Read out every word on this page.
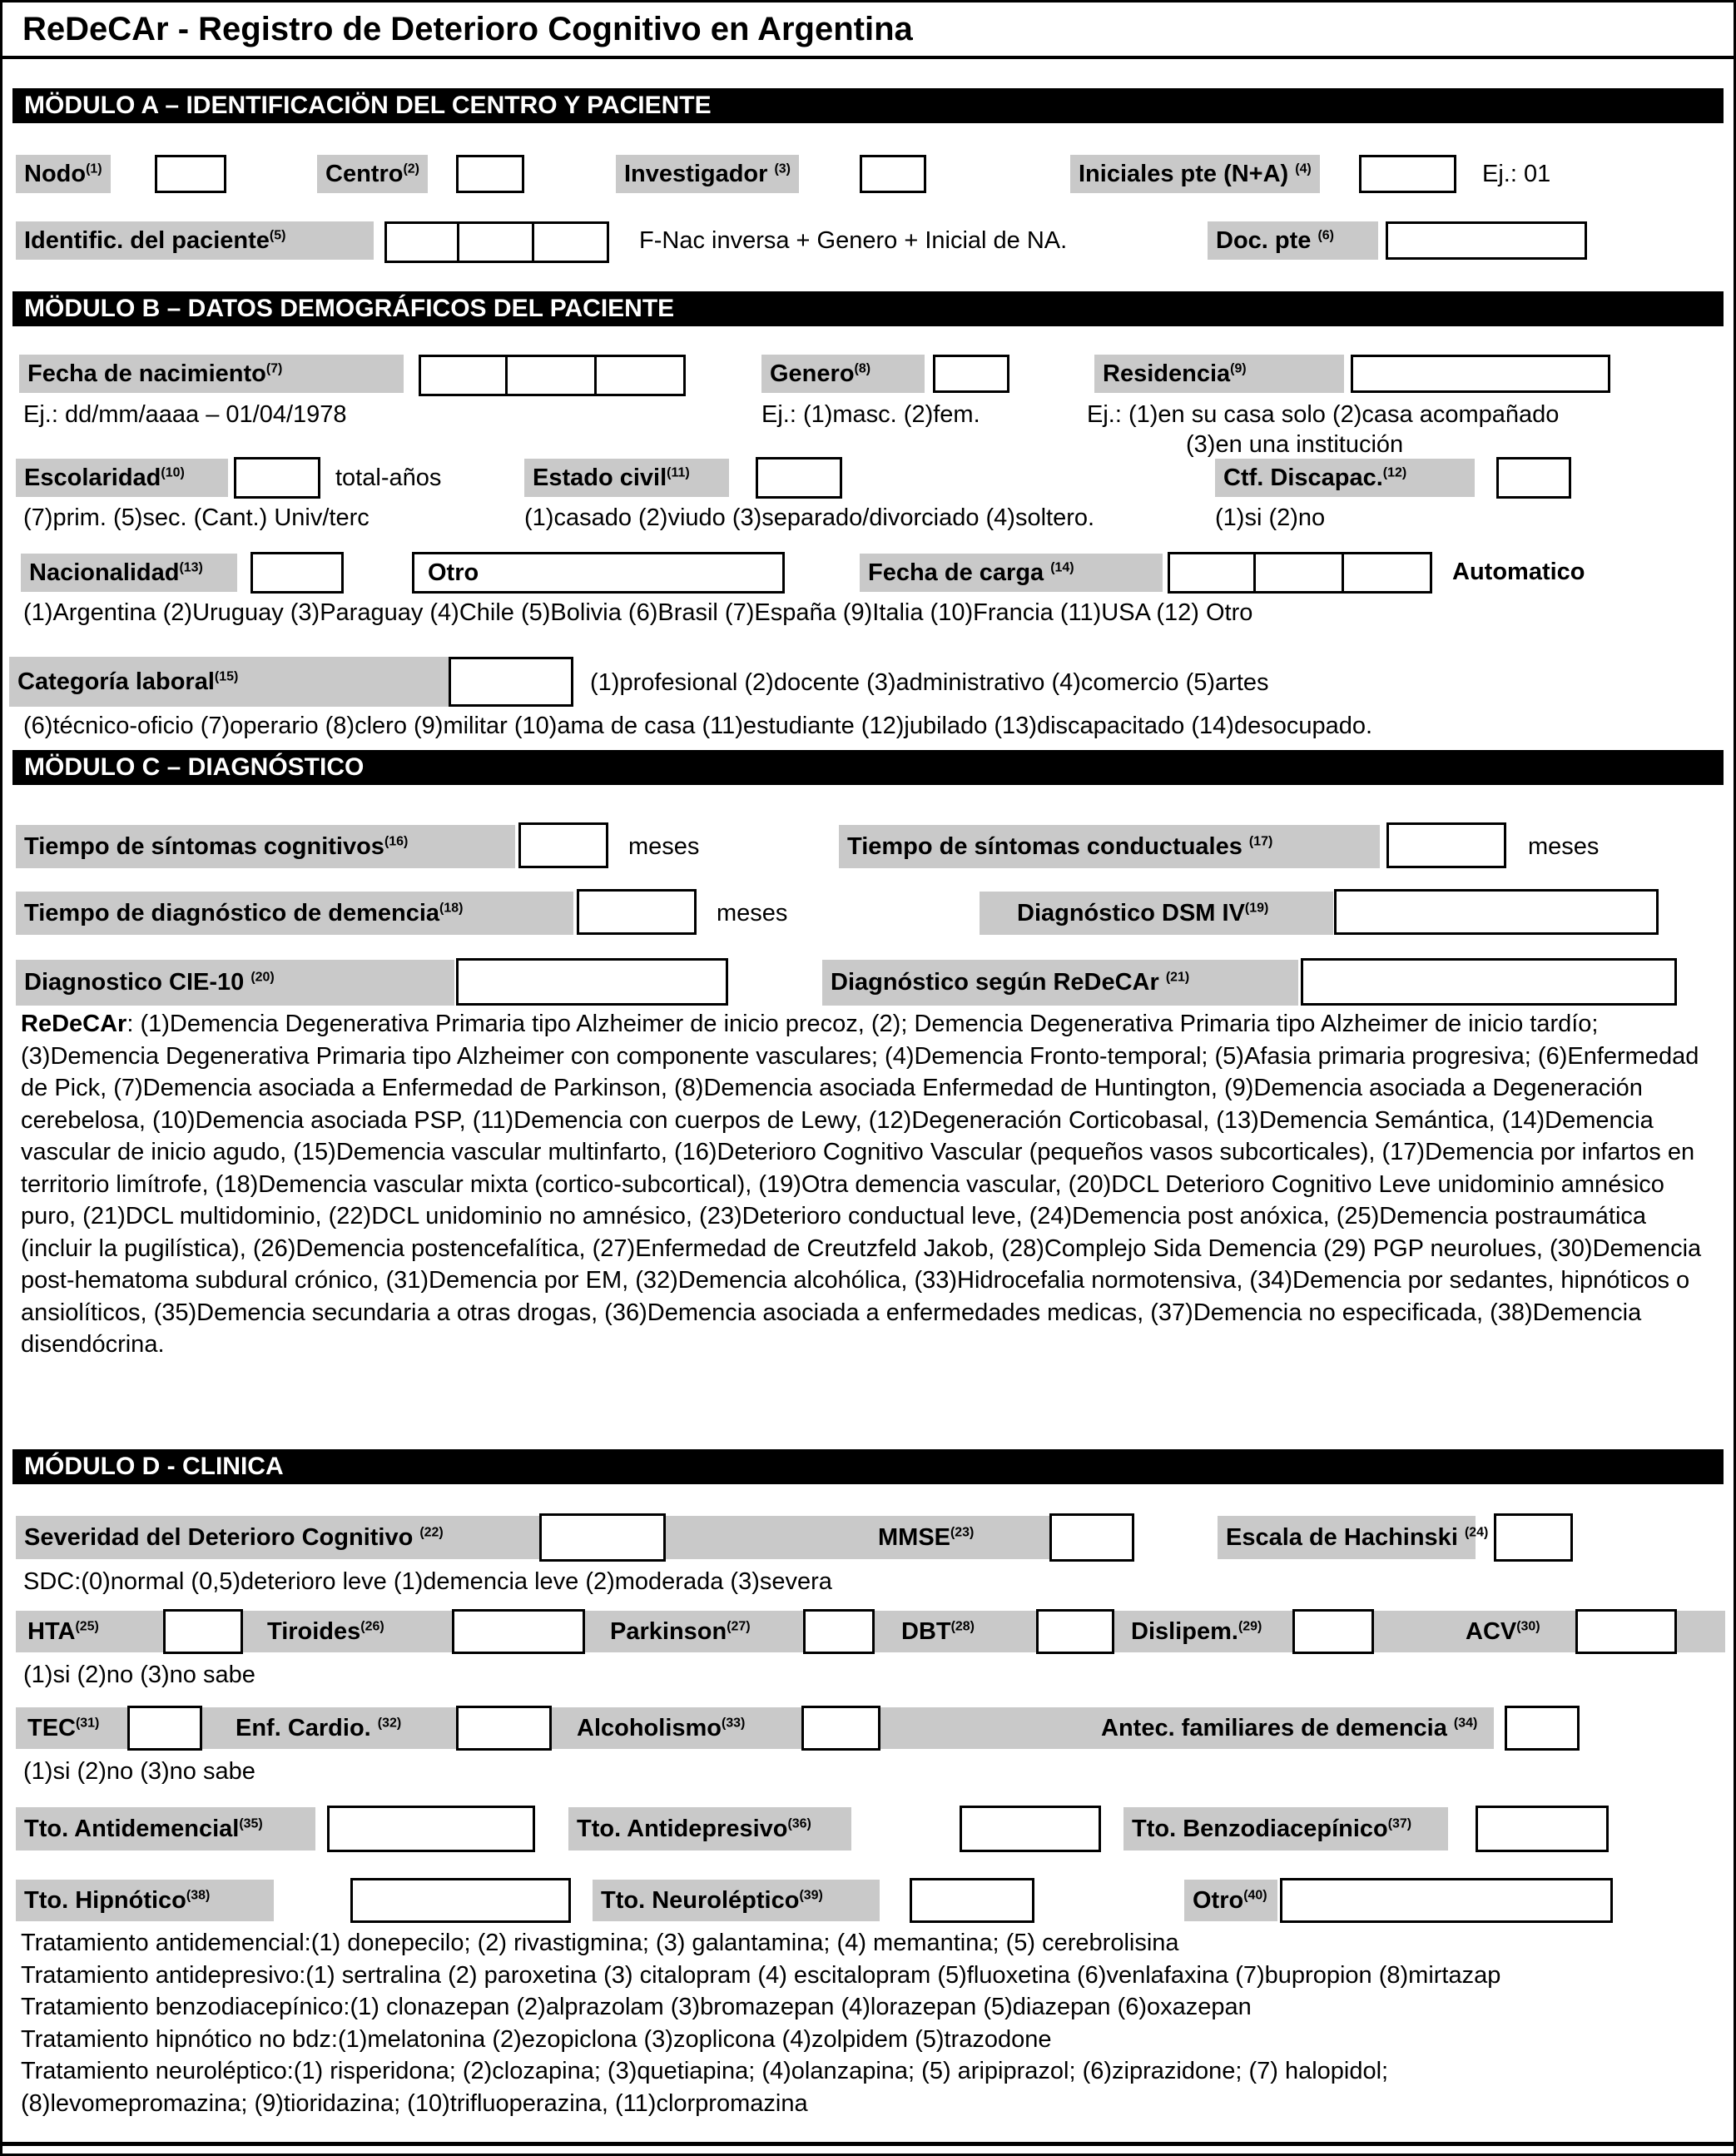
ReDeCAr - Registro de Deterioro Cognitivo en Argentina
MÖDULO A – IDENTIFICACIÖN DEL CENTRO Y PACIENTE
Nodo$^{(1)}$	Centro$^{(2)}$	Investigador $^{(3)}$	Iniciales pte (N+A) $^{(4)}$	Ej.: 01
Identific. del paciente$^{(5)}$	F-Nac inversa + Genero + Inicial de NA.	Doc. pte $^{(6)}$
MÖDULO B – DATOS DEMOGRÁFICOS DEL PACIENTE
Fecha de nacimiento$^{(7)}$	Genero$^{(8)}$	Residencia$^{(9)}$
Ej.: dd/mm/aaaa – 01/04/1978	Ej.: (1)masc. (2)fem.	Ej.: (1)en su casa solo (2)casa acompañado
(3)en una institución
Escolaridad$^{(10)}$	total-años	Estado civil$^{(11)}$	Ctf. Discapac.$^{(12)}$
(7)prim. (5)sec. (Cant.) Univ/terc	(1)casado (2)viudo (3)separado/divorciado (4)soltero.	(1)si (2)no
Nacionalidad$^{(13)}$	Otro	Fecha de carga $^{(14)}$	Automatico
(1)Argentina (2)Uruguay (3)Paraguay (4)Chile (5)Bolivia (6)Brasil (7)España (9)Italia (10)Francia (11)USA (12) Otro
Categoría laboral$^{(15)}$	(1)profesional (2)docente (3)administrativo (4)comercio (5)artes
(6)técnico-oficio (7)operario (8)clero (9)militar (10)ama de casa (11)estudiante (12)jubilado (13)discapacitado (14)desocupado.
MÖDULO C – DIAGNÓSTICO
Tiempo de síntomas cognitivos$^{(16)}$	meses	Tiempo de síntomas conductuales $^{(17)}$	meses
Tiempo de diagnóstico de demencia$^{(18)}$	meses	Diagnóstico DSM IV$^{(19)}$
Diagnostico CIE-10 $^{(20)}$	Diagnóstico según ReDeCAr $^{(21)}$
ReDeCAr: (1)Demencia Degenerativa Primaria tipo Alzheimer de inicio precoz, (2); Demencia Degenerativa Primaria tipo Alzheimer de inicio tardío; (3)Demencia Degenerativa Primaria tipo Alzheimer con componente vasculares; (4)Demencia Fronto-temporal; (5)Afasia primaria progresiva; (6)Enfermedad de Pick, (7)Demencia asociada a Enfermedad de Parkinson, (8)Demencia asociada Enfermedad de Huntington, (9)Demencia asociada a Degeneración cerebelosa, (10)Demencia asociada PSP, (11)Demencia con cuerpos de Lewy, (12)Degeneración Corticobasal, (13)Demencia Semántica, (14)Demencia vascular de inicio agudo, (15)Demencia vascular multinfarto, (16)Deterioro Cognitivo Vascular (pequeños vasos subcorticales), (17)Demencia por infartos en territorio limítrofe, (18)Demencia vascular mixta (cortico-subcortical), (19)Otra demencia vascular, (20)DCL Deterioro Cognitivo Leve unidominio amnésico puro, (21)DCL multidominio, (22)DCL unidominio no amnésico, (23)Deterioro conductual leve, (24)Demencia post anóxica, (25)Demencia postraumática (incluir la pugilística), (26)Demencia postencefalítica, (27)Enfermedad de Creutzfeld Jakob, (28)Complejo Sida Demencia (29) PGP neurolues, (30)Demencia post-hematoma subdural crónico, (31)Demencia por EM, (32)Demencia alcohólica, (33)Hidrocefalia normotensiva, (34)Demencia por sedantes, hipnóticos o ansiolíticos, (35)Demencia secundaria a otras drogas, (36)Demencia asociada a enfermedades medicas, (37)Demencia no especificada, (38)Demencia disendócrina.
MÓDULO D - CLINICA
Severidad del Deterioro Cognitivo $^{(22)}$	MMSE$^{(23)}$	Escala de Hachinski $^{(24)}$
SDC:(0)normal (0,5)deterioro leve (1)demencia leve (2)moderada (3)severa
HTA$^{(25)}$	Tiroides$^{(26)}$	Parkinson$^{(27)}$	DBT$^{(28)}$	Dislipem.$^{(29)}$	ACV$^{(30)}$
(1)si (2)no (3)no sabe
TEC$^{(31)}$	Enf. Cardio. $^{(32)}$	Alcoholismo$^{(33)}$	Antec. familiares de demencia $^{(34)}$
(1)si (2)no (3)no sabe
Tto. Antidemencial$^{(35)}$	Tto. Antidepresivo$^{(36)}$	Tto. Benzodiacepínico$^{(37)}$
Tto. Hipnótico$^{(38)}$	Tto. Neuroléptico$^{(39)}$	Otro$^{(40)}$
Tratamiento antidemencial:(1) donepecilo; (2) rivastigmina; (3) galantamina; (4) memantina; (5) cerebrolisina
Tratamiento antidepresivo:(1) sertralina (2) paroxetina (3) citalopram (4) escitalopram (5)fluoxetina (6)venlafaxina (7)bupropion (8)mirtazap
Tratamiento benzodiacepínico:(1) clonazepan (2)alprazolam (3)bromazepan (4)lorazepan (5)diazepan (6)oxazepan
Tratamiento hipnótico no bdz:(1)melatonina (2)ezopiclona (3)zoplicona (4)zolpidem (5)trazodone
Tratamiento neuroléptico:(1) risperidona; (2)clozapina; (3)quetiapina; (4)olanzapina; (5) aripiprazol; (6)ziprazidone; (7) halopidol;
(8)levomepromazina; (9)tioridazina; (10)trifluoperazina, (11)clorpromazina
